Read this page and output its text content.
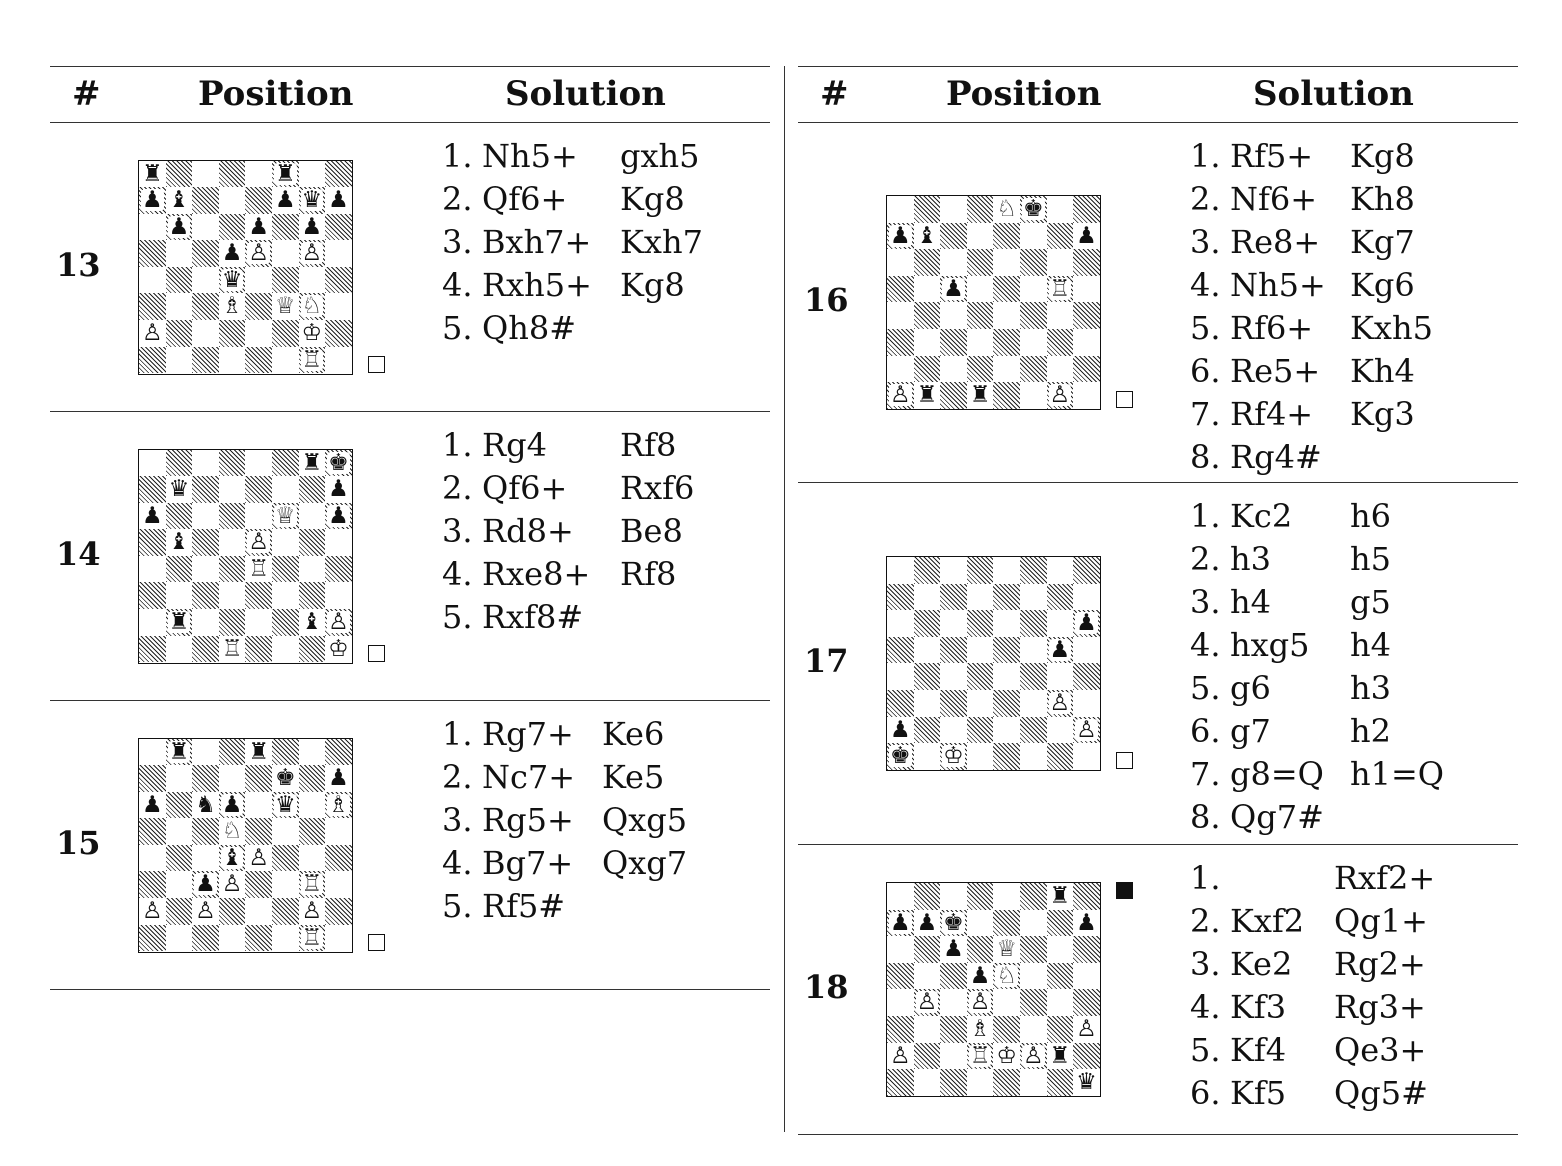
#	Position	Solution
13
♜	♜
♟ ♝	♟ ♛ ♟
♟	♟ ♟
♟ ♙ ♙
♛
♗ ♕ ♘
♙	♔
♖
1. Nh5+	gxh5
2. Qf6+	Kg8
3. Bxh7+ Kxh7
4. Rxh5+ Kg8
5. Qh8#
14
♜ ♚
♛	♟
♟	♕ ♟
♝	♙
♖
♜	♝ ♙
♖	♔
1. Rg4	Rf8
2. Qf6+	Rxf6
3. Rd8+	Be8
4. Rxe8+ Rf8
5. Rxf8#
15
♜	♜
♚ ♟
♟ ♞ ♟ ♛ ♗
♘
♝ ♙
♟ ♙	♖
♙ ♙	♙
♖
1. Rg7+ Ke6
2. Nc7+ Ke5
3. Rg5+ Qxg5
4. Bg7+ Qxg7
5. Rf5#
#	Position	Solution
16
♘ ♚
♟ ♝	♟
♟	♖
♙ ♜ ♜	♙
1. Rf5+	Kg8
2. Nf6+	Kh8
3. Re8+ Kg7
4. Nh5+ Kg6
5. Rf6+	Kxh5
6. Re5+ Kh4
7. Rf4+	Kg3
8. Rg4#
17
♟
♟
♙
♟	♙
♚ ♔
1. Kc2	h6
2. h3	h5
3. h4	g5
4. hxg5	h4
5. g6	h3
6. g7	h2
7. g8=Q h1=Q
8. Qg7#
18
♜
♟ ♟ ♚	♟
♟ ♕
♟ ♘
♙ ♙
♗	♙
♙	♖ ♔ ♙ ♜
♛
1.	Rxf2+
2. Kxf2 Qg1+
3. Ke2	Rg2+
4. Kf3	Rg3+
5. Kf4	Qe3+
6. Kf5	Qg5#
